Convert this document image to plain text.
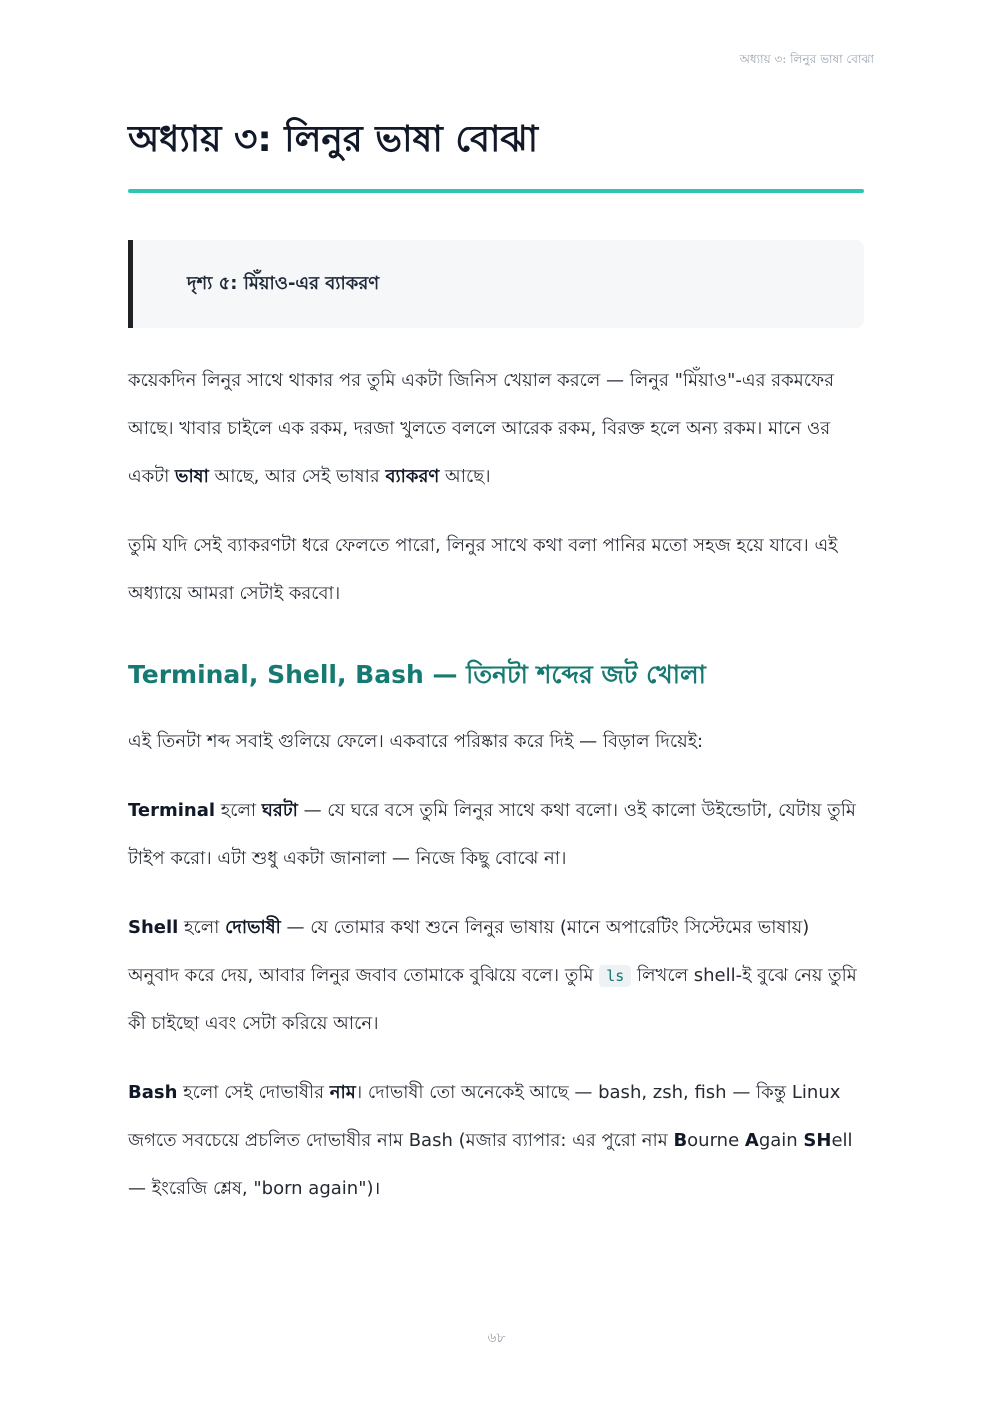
অধ্যায় ৩: লিনুর ভাষা বোঝা
অধ্যায় ৩: লিনুর ভাষা বোঝা
দৃশ্য ৫: মিঁয়াও-এর ব্যাকরণ

কয়েকদিন লিনুর সাথে থাকার পর তুমি একটা জিনিস খেয়াল করলে — লিনুর "মিঁয়াও"-এর রকমফের আছে। খাবার চাইলে এক রকম, দরজা খুলতে বললে আরেক রকম, বিরক্ত হলে অন্য রকম। মানে ওর একটা ভাষা আছে, আর সেই ভাষার ব্যাকরণ আছে।

তুমি যদি সেই ব্যাকরণটা ধরে ফেলতে পারো, লিনুর সাথে কথা বলা পানির মতো সহজ হয়ে যাবে। এই অধ্যায়ে আমরা সেটাই করবো।

Terminal, Shell, Bash — তিনটা শব্দের জট খোলা

এই তিনটা শব্দ সবাই গুলিয়ে ফেলে। একবারে পরিষ্কার করে দিই — বিড়াল দিয়েই:

Terminal হলো ঘরটা — যে ঘরে বসে তুমি লিনুর সাথে কথা বলো। ওই কালো উইন্ডোটা, যেটায় তুমি টাইপ করো। এটা শুধু একটা জানালা — নিজে কিছু বোঝে না।

Shell হলো দোভাষী — যে তোমার কথা শুনে লিনুর ভাষায় (মানে অপারেটিং সিস্টেমের ভাষায়) অনুবাদ করে দেয়, আবার লিনুর জবাব তোমাকে বুঝিয়ে বলে। তুমি ls লিখলে shell-ই বুঝে নেয় তুমি কী চাইছো এবং সেটা করিয়ে আনে।

Bash হলো সেই দোভাষীর নাম। দোভাষী তো অনেকেই আছে — bash, zsh, fish — কিন্তু Linux জগতে সবচেয়ে প্রচলিত দোভাষীর নাম Bash (মজার ব্যাপার: এর পুরো নাম Bourne Again SHell — ইংরেজি শ্লেষ, "born again")।

৬৮
